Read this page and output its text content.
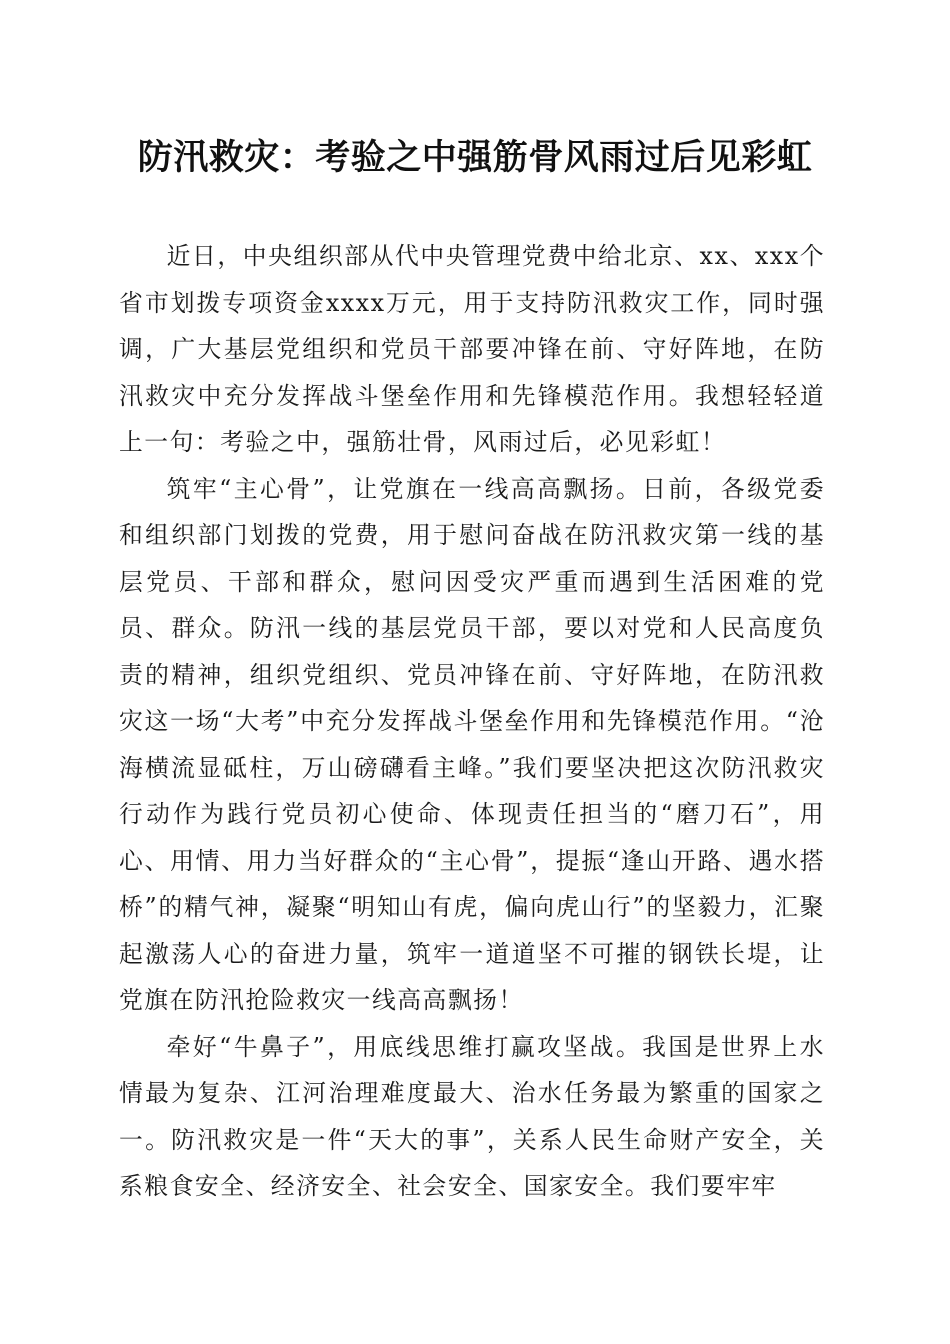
防汛救灾：考验之中强筋骨风雨过后见彩虹

近日，中央组织部从代中央管理党费中给北京、xx、xxx个省市划拨专项资金xxxx万元，用于支持防汛救灾工作，同时强调，广大基层党组织和党员干部要冲锋在前、守好阵地，在防汛救灾中充分发挥战斗堡垒作用和先锋模范作用。我想轻轻道上一句：考验之中，强筋壮骨，风雨过后，必见彩虹！

筑牢“主心骨”，让党旗在一线高高飘扬。日前，各级党委和组织部门划拨的党费，用于慰问奋战在防汛救灾第一线的基层党员、干部和群众，慰问因受灾严重而遇到生活困难的党员、群众。防汛一线的基层党员干部，要以对党和人民高度负责的精神，组织党组织、党员冲锋在前、守好阵地，在防汛救灾这一场“大考”中充分发挥战斗堡垒作用和先锋模范作用。“沧海横流显砥柱，万山磅礴看主峰。”我们要坚决把这次防汛救灾行动作为践行党员初心使命、体现责任担当的“磨刀石”，用心、用情、用力当好群众的“主心骨”，提振“逢山开路、遇水搭桥”的精气神，凝聚“明知山有虎，偏向虎山行”的坚毅力，汇聚起激荡人心的奋进力量，筑牢一道道坚不可摧的钢铁长堤，让党旗在防汛抢险救灾一线高高飘扬！

牵好“牛鼻子”，用底线思维打赢攻坚战。我国是世界上水情最为复杂、江河治理难度最大、治水任务最为繁重的国家之一。防汛救灾是一件“天大的事”，关系人民生命财产安全，关系粮食安全、经济安全、社会安全、国家安全。我们要牢牢
